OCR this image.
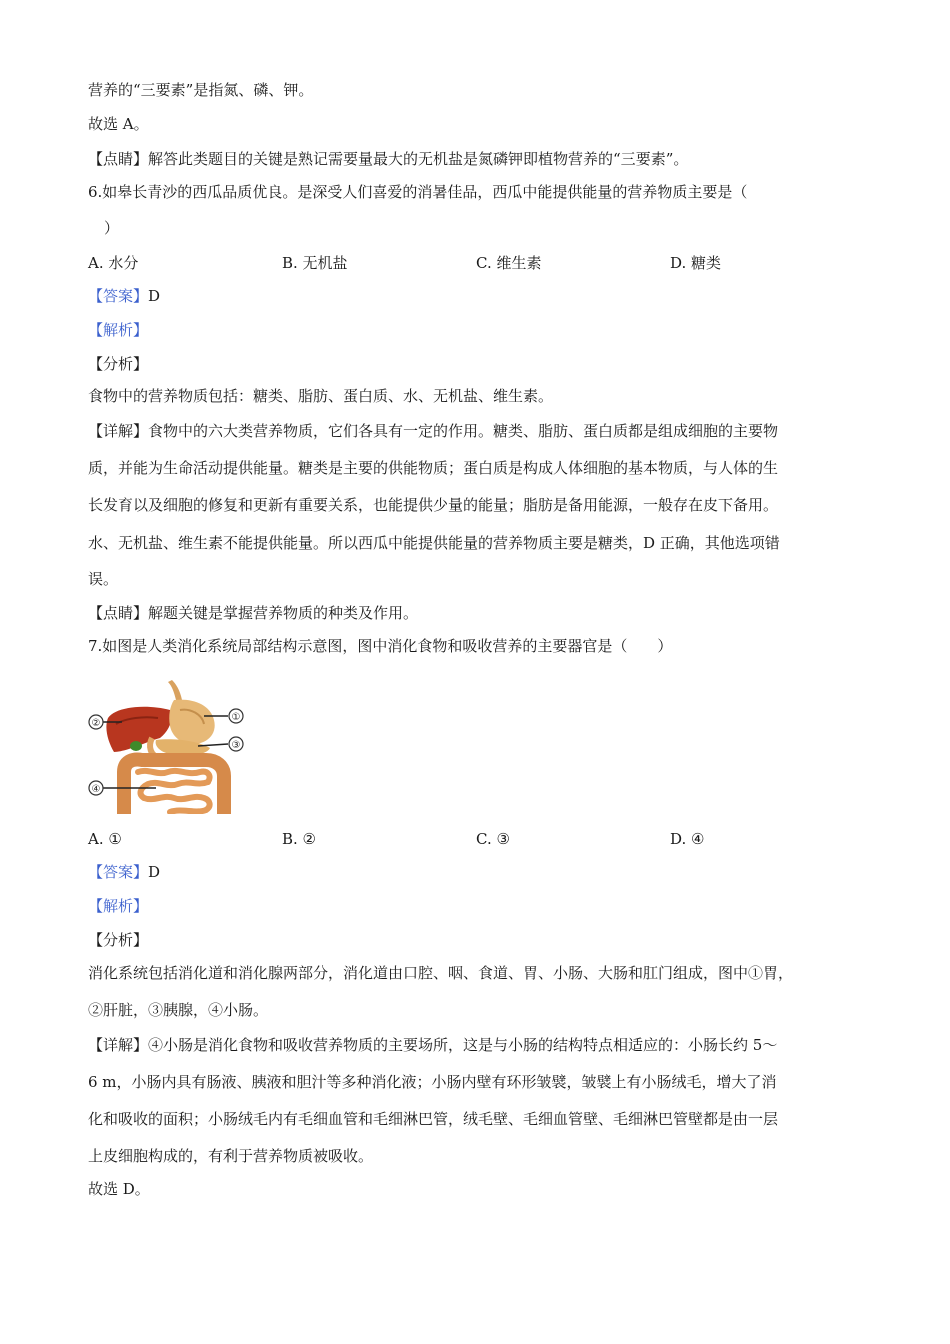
营养的“三要素”是指氮、磷、钾。
故选 A。
【点睛】解答此类题目的关键是熟记需要量最大的无机盐是氮磷钾即植物营养的“三要素”。
6.如皋长青沙的西瓜品质优良。是深受人们喜爱的消暑佳品，西瓜中能提供能量的营养物质主要是（
）
A. 水分	B. 无机盐	C. 维生素	D. 糖类
【答案】D
【解析】
【分析】
食物中的营养物质包括：糖类、脂肪、蛋白质、水、无机盐、维生素。
【详解】食物中的六大类营养物质，它们各具有一定的作用。糖类、脂肪、蛋白质都是组成细胞的主要物
质，并能为生命活动提供能量。糖类是主要的供能物质；蛋白质是构成人体细胞的基本物质，与人体的生
长发育以及细胞的修复和更新有重要关系，也能提供少量的能量；脂肪是备用能源，一般存在皮下备用。
水、无机盐、维生素不能提供能量。所以西瓜中能提供能量的营养物质主要是糖类，D 正确，其他选项错
误。
【点睛】解题关键是掌握营养物质的种类及作用。
7.如图是人类消化系统局部结构示意图，图中消化食物和吸收营养的主要器官是（　　）
①
②
③
④
A. ①	B. ②	C. ③	D. ④
【答案】D
【解析】
【分析】
消化系统包括消化道和消化腺两部分，消化道由口腔、咽、食道、胃、小肠、大肠和肛门组成，图中①胃，
②肝脏，③胰腺，④小肠。
【详解】④小肠是消化食物和吸收营养物质的主要场所，这是与小肠的结构特点相适应的：小肠长约 5～
6 m，小肠内具有肠液、胰液和胆汁等多种消化液；小肠内壁有环形皱襞，皱襞上有小肠绒毛，增大了消
化和吸收的面积；小肠绒毛内有毛细血管和毛细淋巴管，绒毛壁、毛细血管壁、毛细淋巴管壁都是由一层
上皮细胞构成的，有利于营养物质被吸收。
故选 D。
